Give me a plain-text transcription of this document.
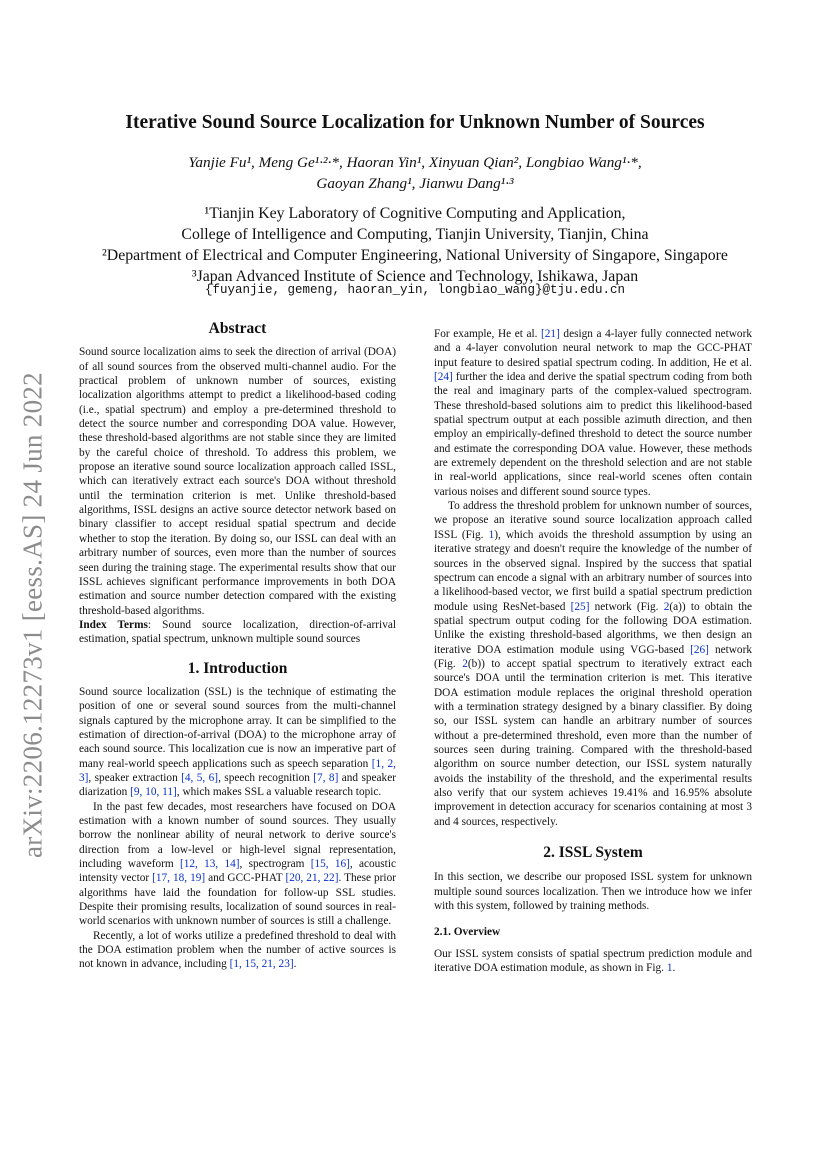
arXiv:2206.12273v1 [eess.AS] 24 Jun 2022
Iterative Sound Source Localization for Unknown Number of Sources
Yanjie Fu¹, Meng Ge¹·²·*, Haoran Yin¹, Xinyuan Qian², Longbiao Wang¹·*,
Gaoyan Zhang¹, Jianwu Dang¹·³
¹Tianjin Key Laboratory of Cognitive Computing and Application,
College of Intelligence and Computing, Tianjin University, Tianjin, China
²Department of Electrical and Computer Engineering, National University of Singapore, Singapore
³Japan Advanced Institute of Science and Technology, Ishikawa, Japan
{fuyanjie, gemeng, haoran_yin, longbiao_wang}@tju.edu.cn
Abstract

Sound source localization aims to seek the direction of arrival (DOA) of all sound sources from the observed multi-channel audio. For the practical problem of unknown number of sources, existing localization algorithms attempt to predict a likelihood-based coding (i.e., spatial spectrum) and employ a pre-determined threshold to detect the source number and corresponding DOA value. However, these threshold-based algorithms are not stable since they are limited by the careful choice of threshold. To address this problem, we propose an iterative sound source localization approach called ISSL, which can iteratively extract each source's DOA without threshold until the termination criterion is met. Unlike threshold-based algorithms, ISSL designs an active source detector network based on binary classifier to accept residual spatial spectrum and decide whether to stop the iteration. By doing so, our ISSL can deal with an arbitrary number of sources, even more than the number of sources seen during the training stage. The experimental results show that our ISSL achieves significant performance improvements in both DOA estimation and source number detection compared with the existing threshold-based algorithms.

Index Terms: Sound source localization, direction-of-arrival estimation, spatial spectrum, unknown multiple sound sources

1. Introduction

Sound source localization (SSL) is the technique of estimating the position of one or several sound sources from the multi-channel signals captured by the microphone array. It can be simplified to the estimation of direction-of-arrival (DOA) to the microphone array of each sound source. This localization cue is now an imperative part of many real-world speech applications such as speech separation [1, 2, 3], speaker extraction [4, 5, 6], speech recognition [7, 8] and speaker diarization [9, 10, 11], which makes SSL a valuable research topic.

In the past few decades, most researchers have focused on DOA estimation with a known number of sound sources. They usually borrow the nonlinear ability of neural network to derive source's direction from a low-level or high-level signal representation, including waveform [12, 13, 14], spectrogram [15, 16], acoustic intensity vector [17, 18, 19] and GCC-PHAT [20, 21, 22]. These prior algorithms have laid the foundation for follow-up SSL studies. Despite their promising results, localization of sound sources in real-world scenarios with unknown number of sources is still a challenge.

Recently, a lot of works utilize a predefined threshold to deal with the DOA estimation problem when the number of active sources is not known in advance, including [1, 15, 21, 23].

For example, He et al. [21] design a 4-layer fully connected network and a 4-layer convolution neural network to map the GCC-PHAT input feature to desired spatial spectrum coding. In addition, He et al. [24] further the idea and derive the spatial spectrum coding from both the real and imaginary parts of the complex-valued spectrogram. These threshold-based solutions aim to predict this likelihood-based spatial spectrum output at each possible azimuth direction, and then employ an empirically-defined threshold to detect the source number and estimate the corresponding DOA value. However, these methods are extremely dependent on the threshold selection and are not stable in real-world applications, since real-world scenes often contain various noises and different sound source types.

To address the threshold problem for unknown number of sources, we propose an iterative sound source localization approach called ISSL (Fig. 1), which avoids the threshold assumption by using an iterative strategy and doesn't require the knowledge of the number of sources in the observed signal. Inspired by the success that spatial spectrum can encode a signal with an arbitrary number of sources into a likelihood-based vector, we first build a spatial spectrum prediction module using ResNet-based [25] network (Fig. 2(a)) to obtain the spatial spectrum output coding for the following DOA estimation. Unlike the existing threshold-based algorithms, we then design an iterative DOA estimation module using VGG-based [26] network (Fig. 2(b)) to accept spatial spectrum to iteratively extract each source's DOA until the termination criterion is met. This iterative DOA estimation module replaces the original threshold operation with a termination strategy designed by a binary classifier. By doing so, our ISSL system can handle an arbitrary number of sources without a pre-determined threshold, even more than the number of sources seen during training. Compared with the threshold-based algorithm on source number detection, our ISSL system naturally avoids the instability of the threshold, and the experimental results also verify that our system achieves 19.41% and 16.95% absolute improvement in detection accuracy for scenarios containing at most 3 and 4 sources, respectively.

2. ISSL System

In this section, we describe our proposed ISSL system for unknown multiple sound sources localization. Then we introduce how we infer with this system, followed by training methods.

2.1. Overview

Our ISSL system consists of spatial spectrum prediction module and iterative DOA estimation module, as shown in Fig. 1.
